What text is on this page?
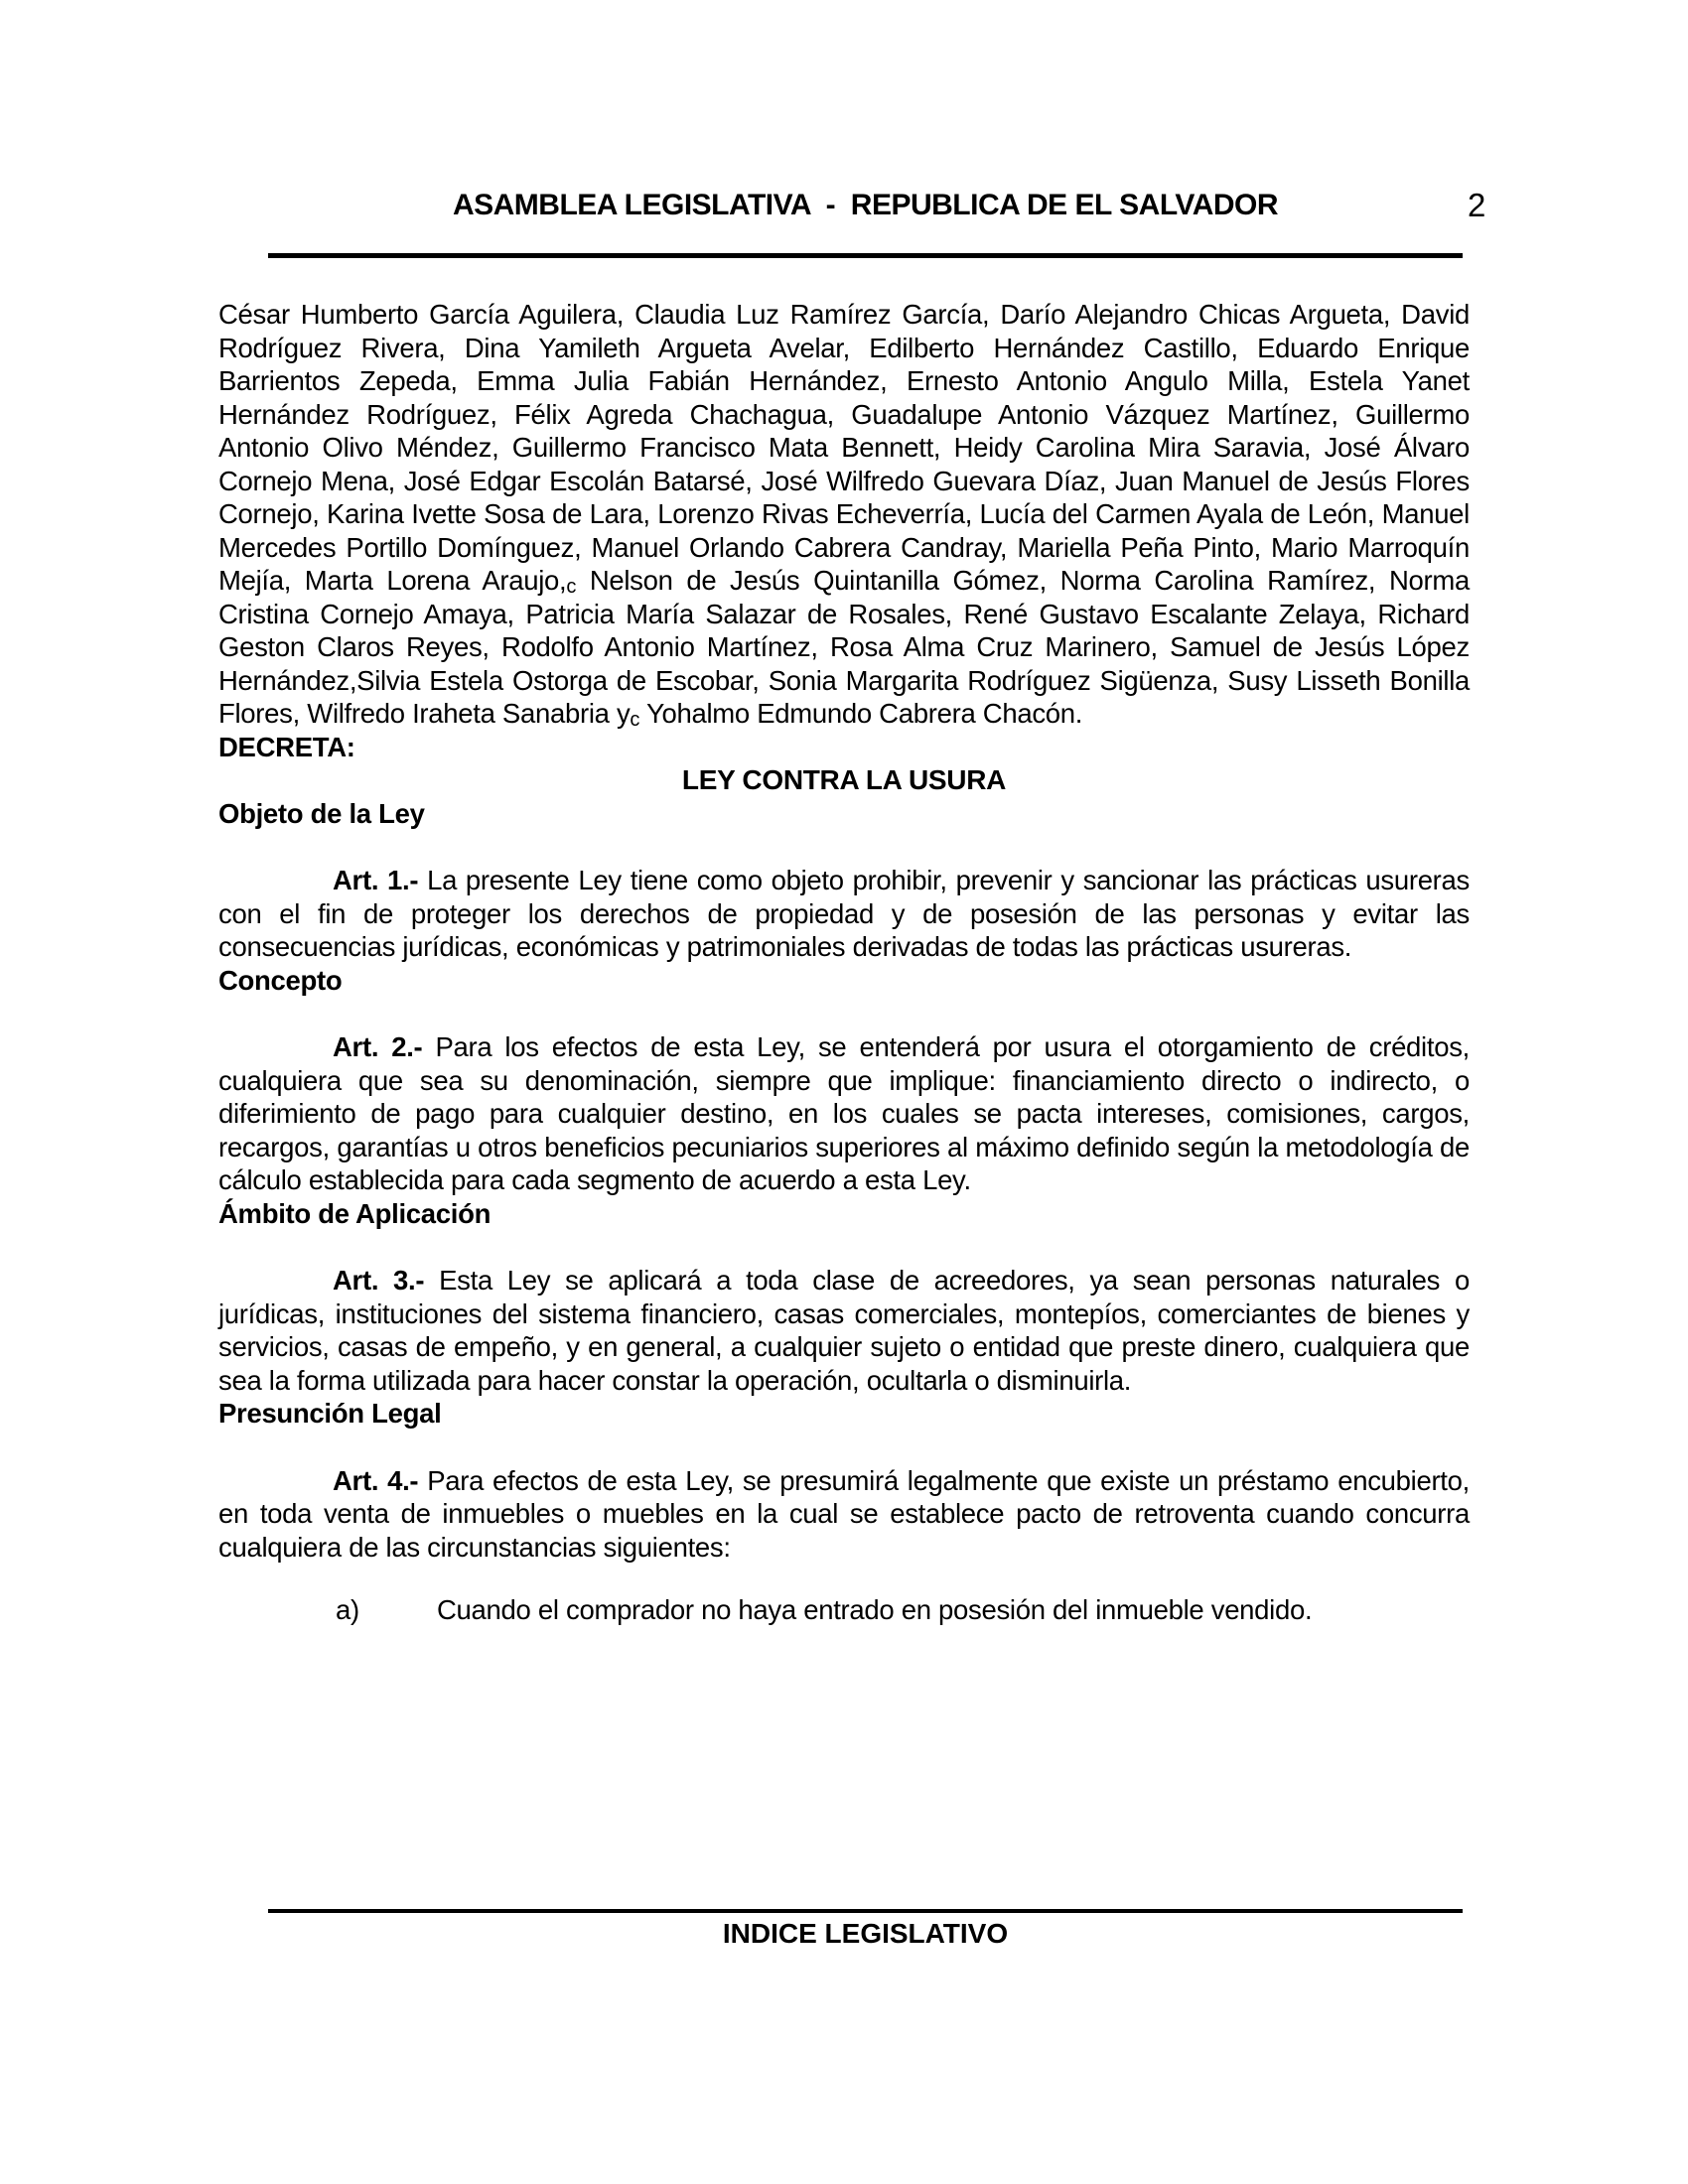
ASAMBLEA LEGISLATIVA  -  REPUBLICA DE EL SALVADOR	2

César Humberto García Aguilera, Claudia Luz Ramírez García, Darío Alejandro Chicas Argueta, David Rodríguez Rivera, Dina Yamileth Argueta Avelar, Edilberto Hernández Castillo, Eduardo Enrique Barrientos Zepeda, Emma Julia Fabián Hernández, Ernesto Antonio Angulo Milla, Estela Yanet Hernández Rodríguez, Félix Agreda Chachagua, Guadalupe Antonio Vázquez Martínez, Guillermo Antonio Olivo Méndez, Guillermo Francisco Mata Bennett, Heidy Carolina Mira Saravia, José Álvaro Cornejo Mena, José Edgar Escolán Batarsé, José Wilfredo Guevara Díaz, Juan Manuel de Jesús Flores Cornejo, Karina Ivette Sosa de Lara, Lorenzo Rivas Echeverría, Lucía del Carmen Ayala de León, Manuel Mercedes Portillo Domínguez, Manuel Orlando Cabrera Candray, Mariella Peña Pinto, Mario Marroquín Mejía, Marta Lorena Araujo,c Nelson de Jesús Quintanilla Gómez, Norma Carolina Ramírez, Norma Cristina Cornejo Amaya, Patricia María Salazar de Rosales, René Gustavo Escalante Zelaya, Richard Geston Claros Reyes, Rodolfo Antonio Martínez, Rosa Alma Cruz Marinero, Samuel de Jesús López Hernández,Silvia Estela Ostorga de Escobar, Sonia Margarita Rodríguez Sigüenza, Susy Lisseth Bonilla Flores, Wilfredo Iraheta Sanabria yc Yohalmo Edmundo Cabrera Chacón.

DECRETA:
LEY CONTRA LA USURA
Objeto de la Ley

Art. 1.- La presente Ley tiene como objeto prohibir, prevenir y sancionar las prácticas usureras con el fin de proteger los derechos de propiedad y de posesión de las personas y evitar las consecuencias jurídicas, económicas y patrimoniales derivadas de todas las prácticas usureras.

Concepto

Art. 2.- Para los efectos de esta Ley, se entenderá por usura el otorgamiento de créditos, cualquiera que sea su denominación, siempre que implique: financiamiento directo o indirecto, o diferimiento de pago para cualquier destino, en los cuales se pacta intereses, comisiones, cargos, recargos, garantías u otros beneficios pecuniarios superiores al máximo definido según la metodología de cálculo establecida para cada segmento de acuerdo a esta Ley.

Ámbito de Aplicación

Art. 3.- Esta Ley se aplicará a toda clase de acreedores, ya sean personas naturales o jurídicas, instituciones del sistema financiero, casas comerciales, montepíos, comerciantes de bienes y servicios, casas de empeño, y en general, a cualquier sujeto o entidad que preste dinero, cualquiera que sea la forma utilizada para hacer constar la operación, ocultarla o disminuirla.

Presunción Legal

Art. 4.- Para efectos de esta Ley, se presumirá legalmente que existe un préstamo encubierto, en toda venta de inmuebles o muebles en la cual se establece pacto de retroventa cuando concurra cualquiera de las circunstancias siguientes:

a)	Cuando el comprador no haya entrado en posesión del inmueble vendido.
INDICE LEGISLATIVO
